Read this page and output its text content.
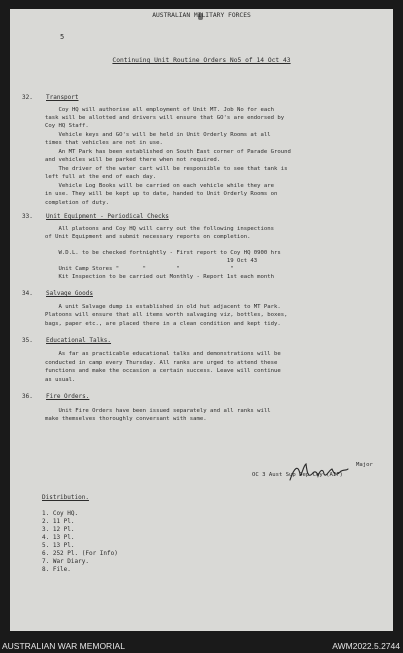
AUSTRALIAN MILITARY FORCES
5
Continuing Unit Routine Orders No5 of 14 Oct 43
32. Transport
Coy HQ will authorise all employment of Unit MT. Job No for each
task will be allotted and drivers will ensure that GO's are endorsed by
Coy HQ Staff.
Vehicle keys and GO's will be held in Unit Orderly Rooms at all
times that vehicles are not in use.
An MT Park has been established on South East corner of Parade Ground
and vehicles will be parked there when not required.
The driver of the water cart will be responsible to see that tank is
left full at the end of each day.
Vehicle Log Books will be carried on each vehicle while they are
in use. They will be kept up to date, handed to Unit Orderly Rooms on
completion of duty.
33. Unit Equipment - Periodical Checks
All platoons and Coy HQ will carry out the following inspections
of Unit Equipment and submit necessary reports on completion.
W.D.L. to be checked fortnightly - First report to Coy HQ 0900 hrs
19 Oct 43
Unit Camp Stores "       "         "               "
Kit Inspection to be carried out Monthly - Report 1st each month
34. Salvage Goods
A unit Salvage dump is established in old hut adjacent to MT Park.
Platoons will ensure that all items worth salvaging viz, bottles, boxes,
bags, paper etc., are placed there in a clean condition and kept tidy.
35. Educational Talks.
As far as practicable educational talks and demonstrations will be
conducted in camp every Thursday. All ranks are urged to attend these
functions and make the occasion a certain success. Leave will continue
as usual.
36. Fire Orders.
Unit Fire Orders have been issued separately and all ranks will
make themselves thoroughly conversant with same.
Major
OC 3 Aust Sup Dep Coy (AIF)
Distribution.
1. Coy HQ.
2. 11 Pl.
3. 12 Pl.
4. 13 Pl.
5. 13 Pl.
6. 252 Pl. (For Info)
7. War Diary.
8. File.
AUSTRALIAN WAR MEMORIAL	AWM2022.5.2744
